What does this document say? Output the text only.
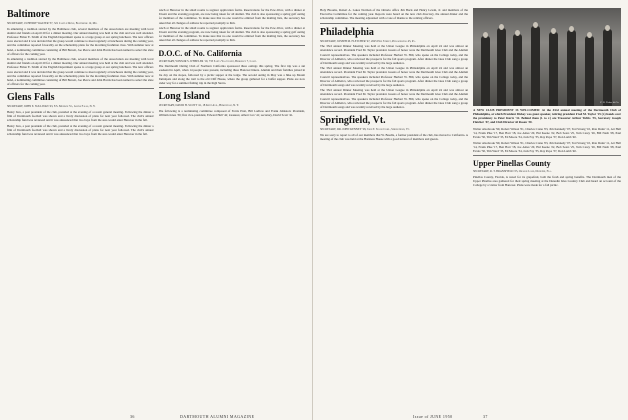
Baltimore
SECRETARY, 19 HENRY WALTER '37, 321 Castle Drive, Baltimore 12, Md.

In emulating a tradition started by the Baltimore club, several members of the Association are meeting with local alumni and friends on April 20 for a dinner meeting. Our annual meeting was held at the club and was well attended. Professor Elmer E. Smith of the English Department spoke to a large group at our spring luncheon. The new officers were elected and it was decided that the group would continue to meet regularly at luncheons during the coming year, and the committee reported favorably on the scholarship plans for the incoming freshman class. With summer now at hand, a nominating committee consisting of Bill Barrett, Joe Pierce and John Harris has been named to select the slate of officers for the coming year.

In emulating a tradition started by the Baltimore club, several members of the Association are meeting with local alumni and friends on April 20 for a dinner meeting. Our annual meeting was held at the club and was well attended. Professor Elmer E. Smith of the English Department spoke to a large group at our spring luncheon. The new officers were elected and it was decided that the group would continue to meet regularly at luncheons during the coming year, and the committee reported favorably on the scholarship plans for the incoming freshman class. With summer now at hand, a nominating committee consisting of Bill Barrett, Joe Pierce and John Harris has been named to select the slate of officers for the coming year.

Glens Falls
SECRETARY, JOHN E. SULLIVAN '43, 8 S. Monroe St., Glens Falls, N. Y.

Henry Ives, a past president of the club, presided at the evening of a recent general meeting. Following the dinner a film of Dartmouth football was shown and a lively discussion of plans for next year followed. The club's annual scholarship fund was reviewed and it was announced that two boys from the area would enter Hanover in the fall.

Henry Ives, a past president of the club, presided at the evening of a recent general meeting. Following the dinner a film of Dartmouth football was shown and a lively discussion of plans for next year followed. The club's annual scholarship fund was reviewed and it was announced that two boys from the area would enter Hanover in the fall.

lunch at Hanover in the small rooms to register application forms. Reservations for the Pow-Wow, with a dinner at Tavern and the evening program, are now being taken for all alumni. The club is also sponsoring a spring golf outing for members of the committee. To make sure that no one would be omitted from the mailing lists, the secretary has asked that all changes of address be reported promptly to him.

lunch at Hanover in the small rooms to register application forms. Reservations for the Pow-Wow, with a dinner at Tavern and the evening program, are now being taken for all alumni. The club is also sponsoring a spring golf outing for members of the committee. To make sure that no one would be omitted from the mailing lists, the secretary has asked that all changes of address be reported promptly to him.

D.O.C. of No. California
SECRETARY, WINSOR S. WHEELER '19, 733 Santa Ysa Court, Berkeley 7, Calif.

The Dartmouth Outing Club of Northern California sponsored three outings this spring. The first trip was a ski weekend in April, when 14 people were present, including three Hanover hikers. Alumni and their families joined in the day on the slopes, followed by a picnic supper at the lodge. The second outing in May was a hike up Mount Tamalpais and along the trail to the old Cliff House, where the group gathered for a buffet supper. Plans are now under way for a summer fishing trip in the high Sierra.

Long Island
SECRETARY, DAVID H. SCOTT '41, 18 Kent Ave., Hempstead, N. Y.

The following is a nominating committee composed of Ferris Pratt, Bill Ludlow and Frank Johnston: President, William Jones '39; first vice-president, Edward Hall '42; treasurer, Albert Cox '41; secretary, David Scott '41.

36	DARTMOUTH ALUMNI MAGAZINE

Holy Blooms, Robert A. Lakes Norman of the Ontario office Jim Buck and Henry Lewin, Jr. and members of the Executive Committee for the coming year. Reports were heard on the new club directory, the annual dinner and the scholarship committee. The meeting adjourned with a vote of thanks to the retiring officers.

Philadelphia
SECRETARY, JOSEPH M. FLETCHER '47, 2625 Pine Street, Philadelphia 45, Pa.

The 33rd annual Dinner Meeting was held at the Union League in Philadelphia on April 24 and was almost an attendance record. President Fred M. Taylor presided. Guests of honor were the Dartmouth Glee Club and the Alumni Council representatives. The speakers included Professor Herbert W. Hill, who spoke on the College today, and the Director of Athletics, who reviewed the prospects for the fall sports program. After dinner the Glee Club sang a group of Dartmouth songs and was warmly received by the large audience.

The 33rd annual Dinner Meeting was held at the Union League in Philadelphia on April 24 and was almost an attendance record. President Fred M. Taylor presided. Guests of honor were the Dartmouth Glee Club and the Alumni Council representatives. The speakers included Professor Herbert W. Hill, who spoke on the College today, and the Director of Athletics, who reviewed the prospects for the fall sports program. After dinner the Glee Club sang a group of Dartmouth songs and was warmly received by the large audience.

The 33rd annual Dinner Meeting was held at the Union League in Philadelphia on April 24 and was almost an attendance record. President Fred M. Taylor presided. Guests of honor were the Dartmouth Glee Club and the Alumni Council representatives. The speakers included Professor Herbert W. Hill, who spoke on the College today, and the Director of Athletics, who reviewed the prospects for the fall sports program. After dinner the Glee Club sang a group of Dartmouth songs and was warmly received by the large audience.

Springfield, Vt.
SECRETARY, DR. JOHN KENNEY '28, John T. Stack Corp., Springfield, Vt.

We are sorry to report to all of our members that W. Beedle, a former president of the club, has moved to California. A meeting of the club was held at the Hartness House with a good turnout of members and guests.

C. R. Fisher & Co.
A NEW CLUB PRESIDENT IS WELCOMED: At the 43rd annual meeting of the Dartmouth Club of Philadelphia, at which President Dickey was guest speaker, retiring president Fred M. Taylor '25 (r.) hands over the presidency to Peter Kurtz '32. Behind them (l. to r.) are Treasurer Arthur Tubbs '35, Secretary Joseph Fletcher '47, and Club Director Al Rosen '30.

Walter Alsobrook '99, Robert Wilson '01, Charles Crane '03, Jim Kennedy '07, Ted Strong '10, Pete Dunn '11, Art Hall '14, Frank Pike '17, Ben Hart '18, Joe Ames '20, Hal Keene '22, Bob Sears '25, Tom Carey '26, Bill Nash '28, Paul Evans '30, Tim Ward '33, Ed Moore '34, Jack Fay '35, Ray Pope '37, Don Lamb '40.

Walter Alsobrook '99, Robert Wilson '01, Charles Crane '03, Jim Kennedy '07, Ted Strong '10, Pete Dunn '11, Art Hall '14, Frank Pike '17, Ben Hart '18, Joe Ames '20, Hal Keene '22, Bob Sears '25, Tom Carey '26, Bill Nash '28, Paul Evans '30, Tim Ward '33, Ed Moore '34, Jack Fay '35, Ray Pope '37, Don Lamb '40.

Upper Pinellas County
SECRETARY, R. T. BRANSFIELD '25, Orange Lane, Dunedin, Fla.

Pinellas County, Florida, is noted for its grapefruit, both the fresh and spring benefits. The Dartmouth men of the Upper Pinellas area gathered for their spring meeting at the Dunedin Isles Country Club and heard an account of the College by a visitor from Hanover. Plans were made for a fall picnic.

Issue of JUNE 1950	37
